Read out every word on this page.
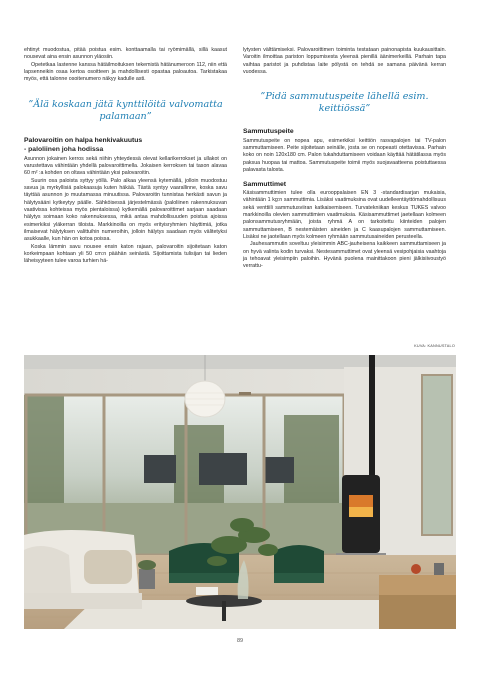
ehtinyt muodostua, pitää poistua esim. konttaamalla tai ryömimällä, sillä kaasut nousevat aina ensin asunnon yläosiin.

Opetetkaa lastenne kanssa hätäilmoituksen tekemistä hätänumeroon 112, niin että lapsenneikin osaa kertoa osoitteen ja mahdollisesti opastaa paloautoa. Tarkistakaa myös, että talonne osoitenumero näkyy kadulle asti.

”Älä koskaan jätä kynttilöitä valvomatta palamaan”
Palovaroitin on halpa henkivakuutus
- paloliinen joha hodissa

Asunnon jokainen kerros sekä niihin yhteydessä olevat kellarikerrokset ja ullakot on varustettava vähintään yhdellä palovaroittimella. Jokaisen kerroksen tai tason alavaa 60 m² :a kohden on oltava vähintään yksi palovaroitin.

Suurin osa paloista syttyy yöllä. Palo alkaa yleensä kytemällä, jolloin muodostuu savua ja myrkyllisiä palokaasuja kuten häkää. Tästä syntyy vaarallinne, koska savu täyttää asunnon jo muutamassa minuutissa. Palovaroitin tunnistaa herkästi savun ja hälytysääni kytkeytyy päälle. Sähköisessä järjestelmässä (paloliinen rakennuksuvan vaativissa kohteissa myös pientaloissa) kytkemällä palovaroittimet sarjaan saadaan hälytys soimaan koko rakennuksessa, mikä antaa mahdollisuuden poistua ajoissa esimerkiksi yläkerran tiloista. Markkinoilla on myös erityisryhmien häyttimiä, jotka ilmaisevat hälytyksen valittuihin numeroihin, jolloin hälytys saadaan myös välitetyksi asukkaalle, kun hän on kotoa poissa.

Koska lämmin savu nousee ensin katon rajaan, palovaroitin sijoitetaan katon korkeimpaan kohtaan yli 50 cm:n päähän seinästä. Sijoittamista tulisijan tai lieden läheisyyteen tulee varoa turhien hä-

lytysten välttämiseksi. Palovaroittimen toiminta testataan painonapista kuukausittain. Varoitin ilmoittaa pariston loppumisesta yleensä pienillä äänimerkeillä. Parhain tapa vaihtaa paristot ja puhdistaa laite pölystä on tehdä se samana päivänä kerran vuodessa.

”Pidä sammutuspeite lähellä esim. keittiössä”
Sammutuspeite

Sammutuspeite on nopea apu, esimerkiksi keittiön rasvapalojen tai TV-palon sammuttamiseen. Peite sijoitetaan seinälle, josta se on nopeasti otettavissa. Parhain koko on noin 120x180 cm. Palon tukahduttamiseen voidaan käyttää hätätilassa myös paksua huopaa tai mattoa. Sammutuspeite toimii myös suojavaatteena poistuttaessa palavasta talosta.

Sammuttimet

Käsisammuttimien tulee olla eurooppalaisen EN 3 -standardisarjan mukaisia, vähintään 1 kg:n sammuttimia. Lisäksi vaatimuksina ovat uudelleentäyttömahdollisuus sekä venttiili sammutusviiran katkaisemiseen. Turvatekniikan keskus TUKES valvoo markkinoilla olevien sammuttimien vaatimuksia. Käsisammuttimet jaetellaan kolmeen palonsammutusryhmään, joista ryhmä A on tarkoitettu kiinteiden palojen sammuttamiseen, B nestemäisten aineiden ja C kaasupalojen sammuttamiseen. Lisäksi ne jaotellaan myös kolmeen ryhmään sammutusaineiden perusteella.

Jauhesammutin soveltuu yleisimmin ABC-jauheisena kaikkeen sammuttamiseen ja on hyvä valinta kodin turvaksi. Nestesammuttimet ovat yleensä vesipohjaisia vaahtoja ja tehoavat yleisimpiin paloihin. Hyvänä puolena mainittakoon pieni jälkisiivoustyö verrattu-

KUVA: KANNUSTALO
89
